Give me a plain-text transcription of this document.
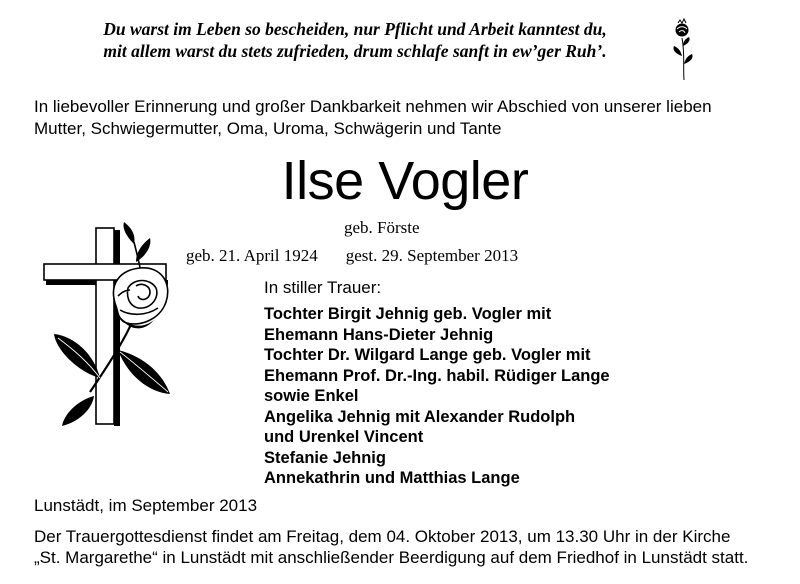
Du warst im Leben so bescheiden, nur Pflicht und Arbeit kanntest du,
mit allem warst du stets zufrieden, drum schlafe sanft in ew’ger Ruh’.
In liebevoller Erinnerung und großer Dankbarkeit nehmen wir Abschied von unserer lieben
Mutter, Schwiegermutter, Oma, Uroma, Schwägerin und Tante
Ilse Vogler
geb. Förste
geb. 21. April 1924 gest. 29. September 2013
In stiller Trauer:
Tochter Birgit Jehnig geb. Vogler mit
Ehemann Hans-Dieter Jehnig
Tochter Dr. Wilgard Lange geb. Vogler mit
Ehemann Prof. Dr.-Ing. habil. Rüdiger Lange
sowie Enkel
Angelika Jehnig mit Alexander Rudolph
und Urenkel Vincent
Stefanie Jehnig
Annekathrin und Matthias Lange
Lunstädt, im September 2013
Der Trauergottesdienst findet am Freitag, dem 04. Oktober 2013, um 13.30 Uhr in der Kirche
„St. Margarethe“ in Lunstädt mit anschließender Beerdigung auf dem Friedhof in Lunstädt statt.
